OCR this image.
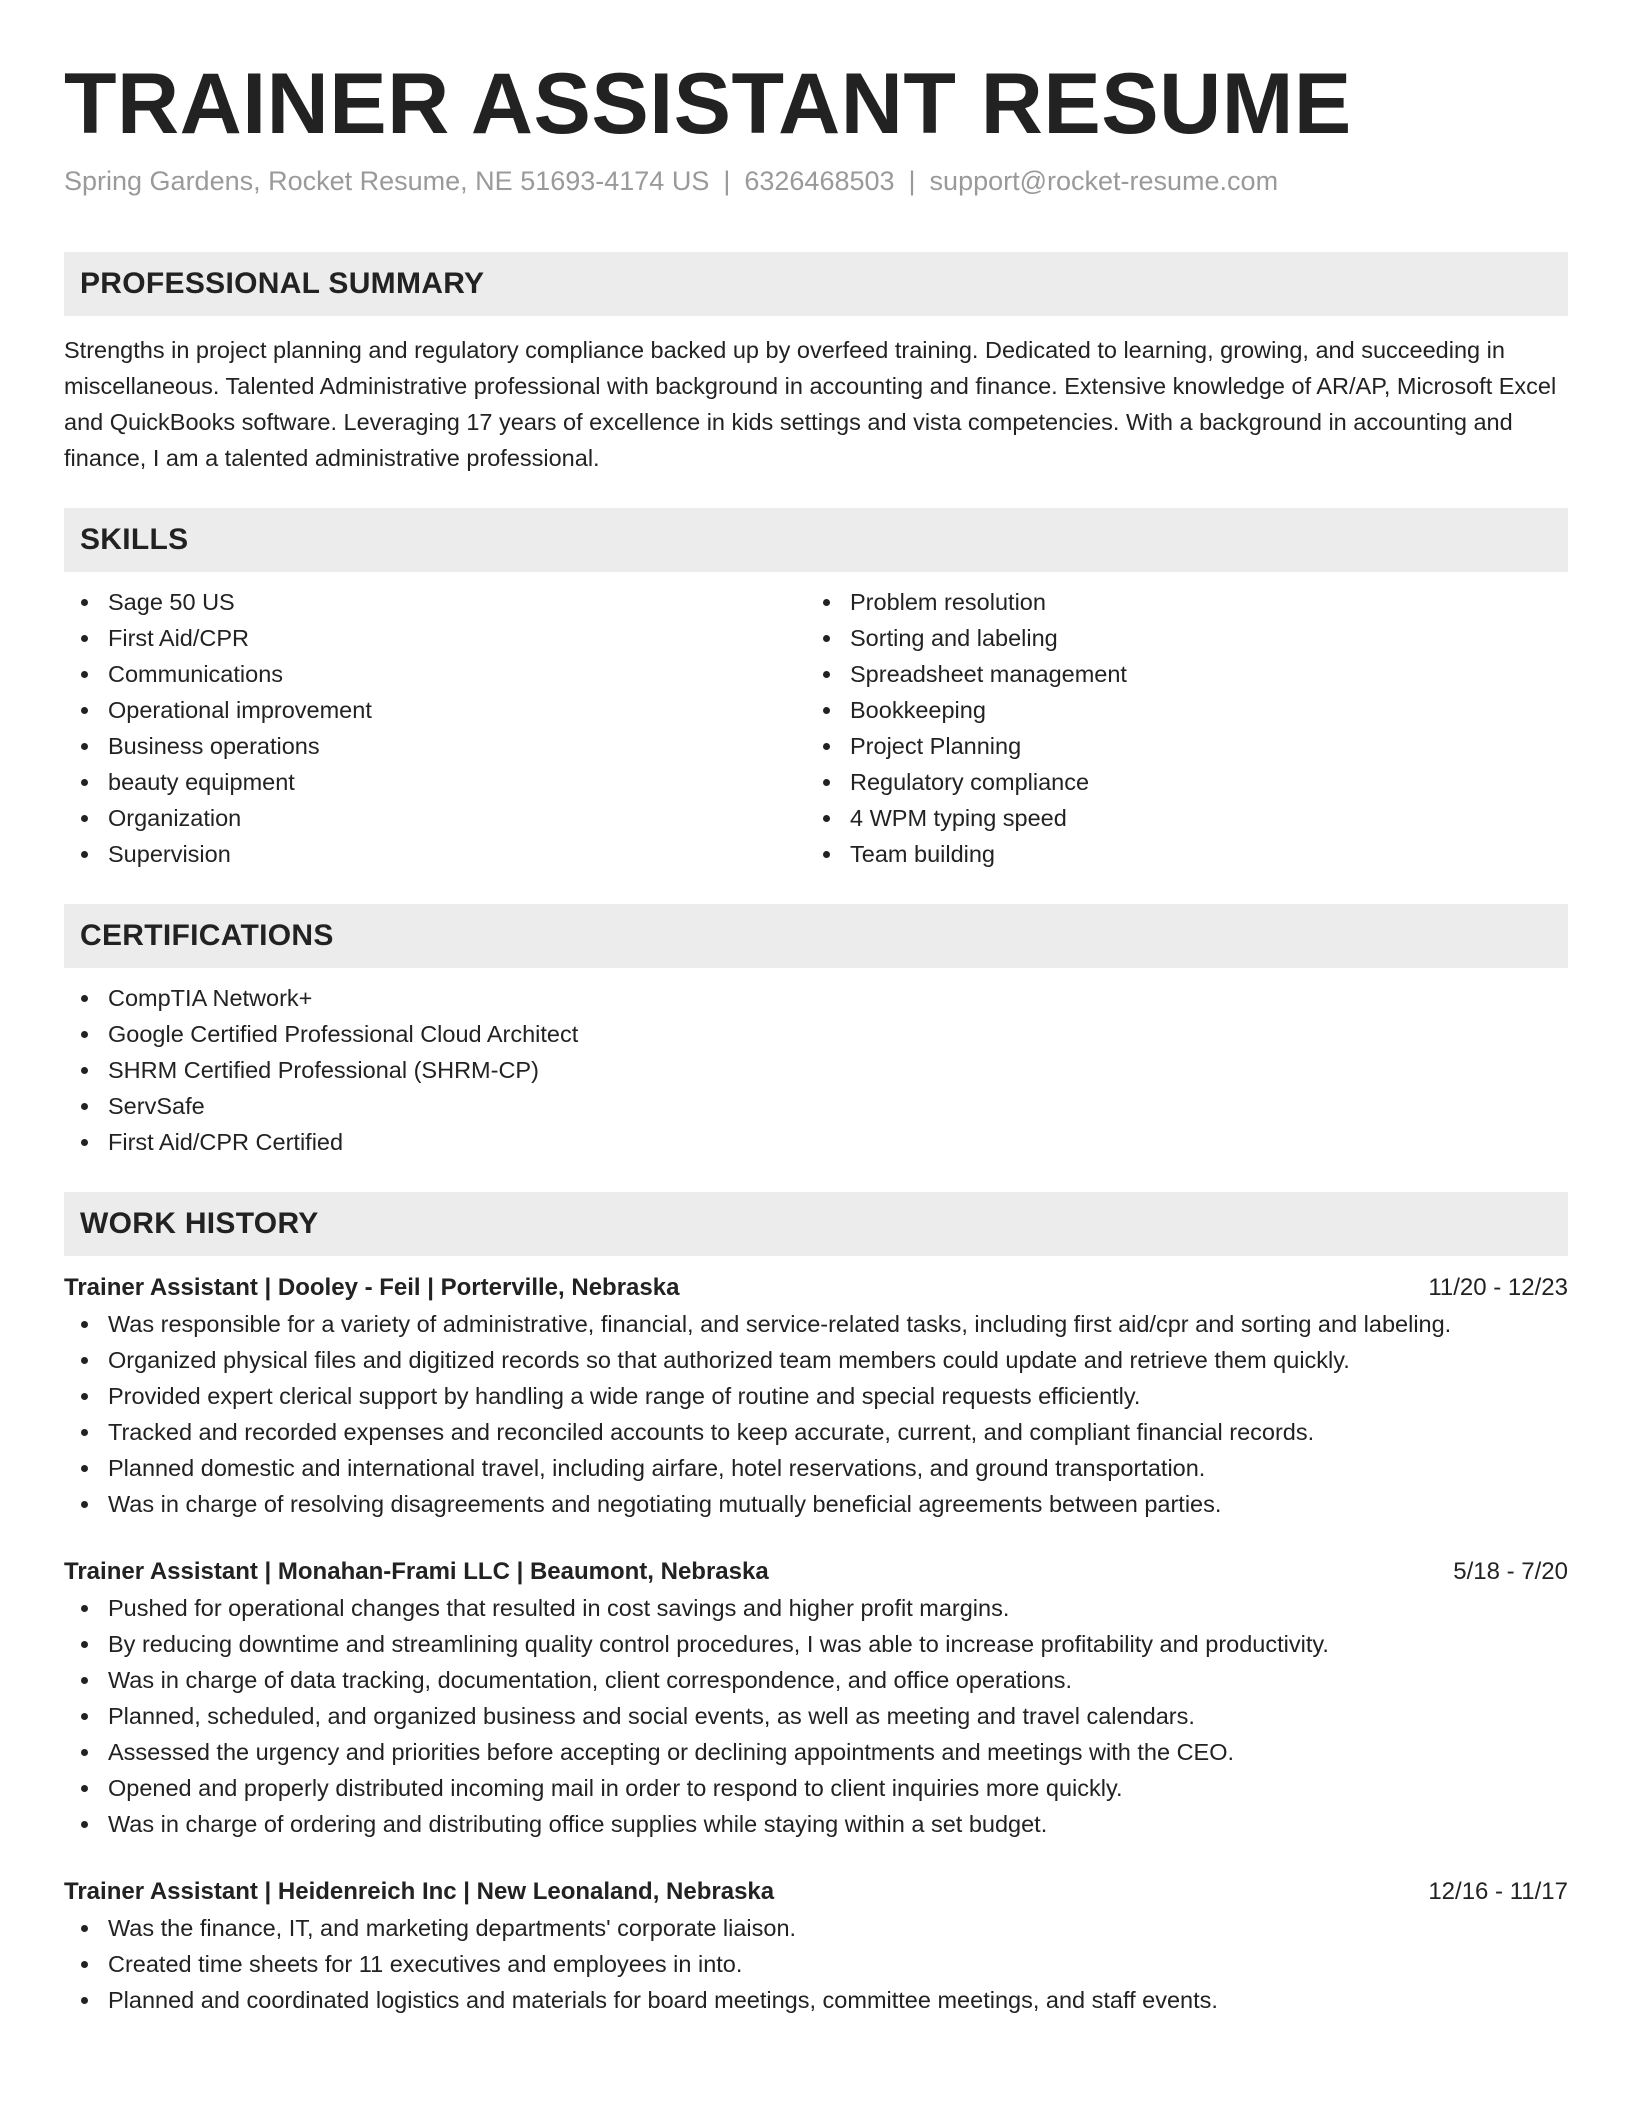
TRAINER ASSISTANT RESUME
Spring Gardens, Rocket Resume, NE 51693-4174 US | 6326468503 | support@rocket-resume.com
PROFESSIONAL SUMMARY

Strengths in project planning and regulatory compliance backed up by overfeed training. Dedicated to learning, growing, and succeeding in miscellaneous. Talented Administrative professional with background in accounting and finance. Extensive knowledge of AR/AP, Microsoft Excel and QuickBooks software. Leveraging 17 years of excellence in kids settings and vista competencies. With a background in accounting and finance, I am a talented administrative professional.

SKILLS
Sage 50 US
First Aid/CPR
Communications
Operational improvement
Business operations
beauty equipment
Organization
Supervision
Problem resolution
Sorting and labeling
Spreadsheet management
Bookkeeping
Project Planning
Regulatory compliance
4 WPM typing speed
Team building
CERTIFICATIONS
CompTIA Network+
Google Certified Professional Cloud Architect
SHRM Certified Professional (SHRM-CP)
ServSafe
First Aid/CPR Certified
WORK HISTORY
Trainer Assistant | Dooley - Feil | Porterville, Nebraska	11/20 - 12/23
Was responsible for a variety of administrative, financial, and service-related tasks, including first aid/cpr and sorting and labeling.
Organized physical files and digitized records so that authorized team members could update and retrieve them quickly.
Provided expert clerical support by handling a wide range of routine and special requests efficiently.
Tracked and recorded expenses and reconciled accounts to keep accurate, current, and compliant financial records.
Planned domestic and international travel, including airfare, hotel reservations, and ground transportation.
Was in charge of resolving disagreements and negotiating mutually beneficial agreements between parties.
Trainer Assistant | Monahan-Frami LLC | Beaumont, Nebraska	5/18 - 7/20
Pushed for operational changes that resulted in cost savings and higher profit margins.
By reducing downtime and streamlining quality control procedures, I was able to increase profitability and productivity.
Was in charge of data tracking, documentation, client correspondence, and office operations.
Planned, scheduled, and organized business and social events, as well as meeting and travel calendars.
Assessed the urgency and priorities before accepting or declining appointments and meetings with the CEO.
Opened and properly distributed incoming mail in order to respond to client inquiries more quickly.
Was in charge of ordering and distributing office supplies while staying within a set budget.
Trainer Assistant | Heidenreich Inc | New Leonaland, Nebraska	12/16 - 11/17
Was the finance, IT, and marketing departments' corporate liaison.
Created time sheets for 11 executives and employees in into.
Planned and coordinated logistics and materials for board meetings, committee meetings, and staff events.
